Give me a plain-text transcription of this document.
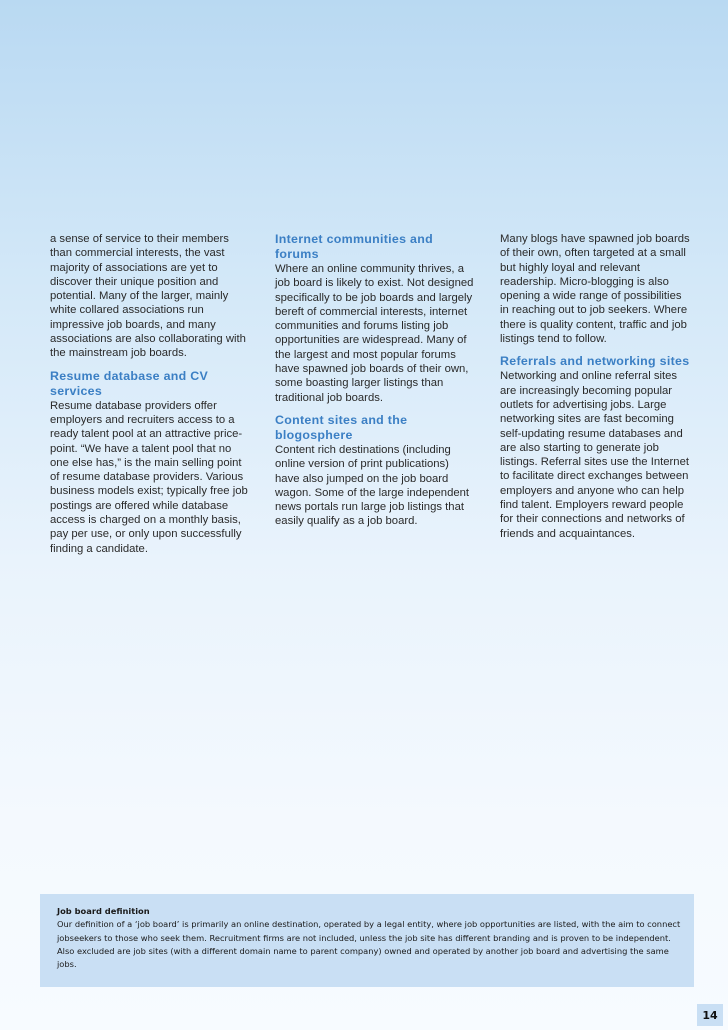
a sense of service to their members than commercial interests, the vast majority of associations are yet to discover their unique position and potential. Many of the larger, mainly white collared associations run impressive job boards, and many associations are also collaborating with the mainstream job boards.

Resume database and CV services

Resume database providers offer employers and recruiters access to a ready talent pool at an attractive price-point. “We have a talent pool that no one else has,” is the main selling point of resume database providers. Various business models exist; typically free job postings are offered while database access is charged on a monthly basis, pay per use, or only upon successfully finding a candidate.

Internet communities and forums

Where an online community thrives, a job board is likely to exist. Not designed specifically to be job boards and largely bereft of commercial interests, internet communities and forums listing job opportunities are widespread. Many of the largest and most popular forums have spawned job boards of their own, some boasting larger listings than traditional job boards.

Content sites and the blogosphere

Content rich destinations (including online version of print publications) have also jumped on the job board wagon. Some of the large independent news portals run large job listings that easily qualify as a job board.

Many blogs have spawned job boards of their own, often targeted at a small but highly loyal and relevant readership. Micro-blogging is also opening a wide range of possibilities in reaching out to job seekers. Where there is quality content, traffic and job listings tend to follow.

Referrals and networking sites

Networking and online referral sites are increasingly becoming popular outlets for advertising jobs. Large networking sites are fast becoming self-updating resume databases and are also starting to generate job listings. Referral sites use the Internet to facilitate direct exchanges between employers and anyone who can help find talent. Employers reward people for their connections and networks of friends and acquaintances.

Job board definition
Our definition of a ‘job board’ is primarily an online destination, operated by a legal entity, where job opportunities are listed, with the aim to connect jobseekers to those who seek them. Recruitment firms are not included, unless the job site has different branding and is proven to be independent. Also excluded are job sites (with a different domain name to parent company) owned and operated by another job board and advertising the same jobs.
14
